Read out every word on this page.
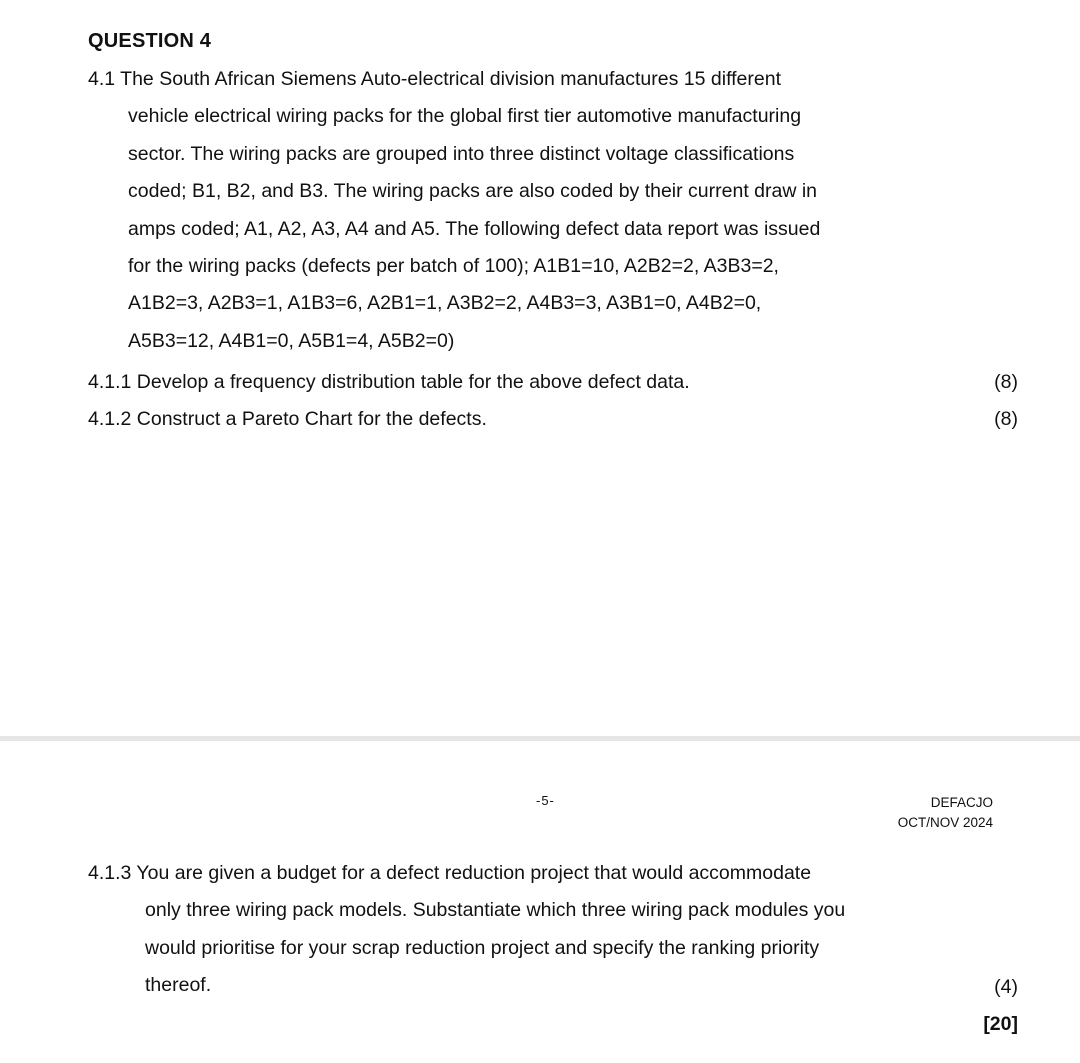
QUESTION 4
4.1 The South African Siemens Auto-electrical division manufactures 15 different
vehicle electrical wiring packs for the global first tier automotive manufacturing
sector. The wiring packs are grouped into three distinct voltage classifications
coded; B1, B2, and B3. The wiring packs are also coded by their current draw in
amps coded; A1, A2, A3, A4 and A5. The following defect data report was issued
for the wiring packs (defects per batch of 100); A1B1=10, A2B2=2, A3B3=2,
A1B2=3, A2B3=1, A1B3=6, A2B1=1, A3B2=2, A4B3=3, A3B1=0, A4B2=0,
A5B3=12, A4B1=0, A5B1=4, A5B2=0)
4.1.1 Develop a frequency distribution table for the above defect data.	(8)
4.1.2 Construct a Pareto Chart for the defects.	(8)
-5-	DEFACJO
OCT/NOV 2024
4.1.3 You are given a budget for a defect reduction project that would accommodate
only three wiring pack models. Substantiate which three wiring pack modules you
would prioritise for your scrap reduction project and specify the ranking priority
thereof.	(4)
[20]
